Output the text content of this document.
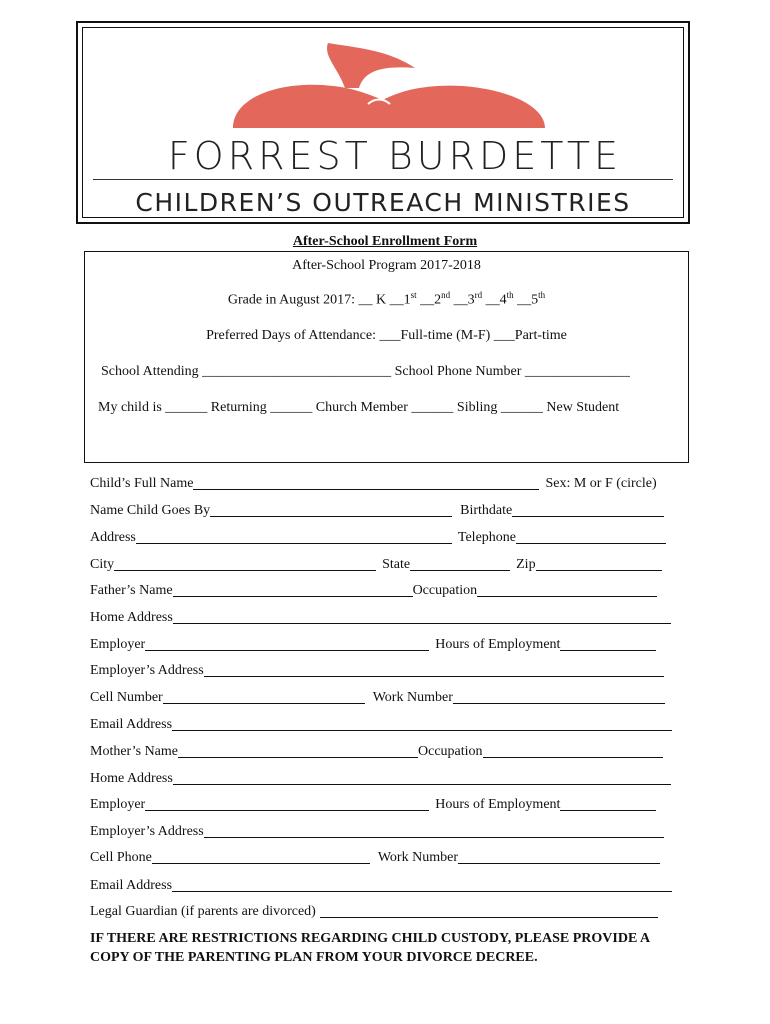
FORREST BURDETTE
CHILDREN’S OUTREACH MINISTRIES
After-School Enrollment Form
After-School Program 2017-2018
Grade in August 2017: __ K __1st __2nd __3rd __4th __5th
Preferred Days of Attendance: ___Full-time (M-F) ___Part-time
School Attending ___________________________ School Phone Number _______________
My child is ______ Returning ______ Church Member ______ Sibling ______ New Student
Child’s Full Name	Sex: M or F (circle)
Name Child Goes By	Birthdate
Address	Telephone
City	State	Zip
Father’s Name	Occupation
Home Address
Employer	Hours of Employment
Employer’s Address
Cell Number	Work Number
Email Address
Mother’s Name	Occupation
Home Address
Employer	Hours of Employment
Employer’s Address
Cell Phone	Work Number
Email Address
Legal Guardian (if parents are divorced)
IF THERE ARE RESTRICTIONS REGARDING CHILD CUSTODY, PLEASE PROVIDE A COPY OF THE PARENTING PLAN FROM YOUR DIVORCE DECREE.
